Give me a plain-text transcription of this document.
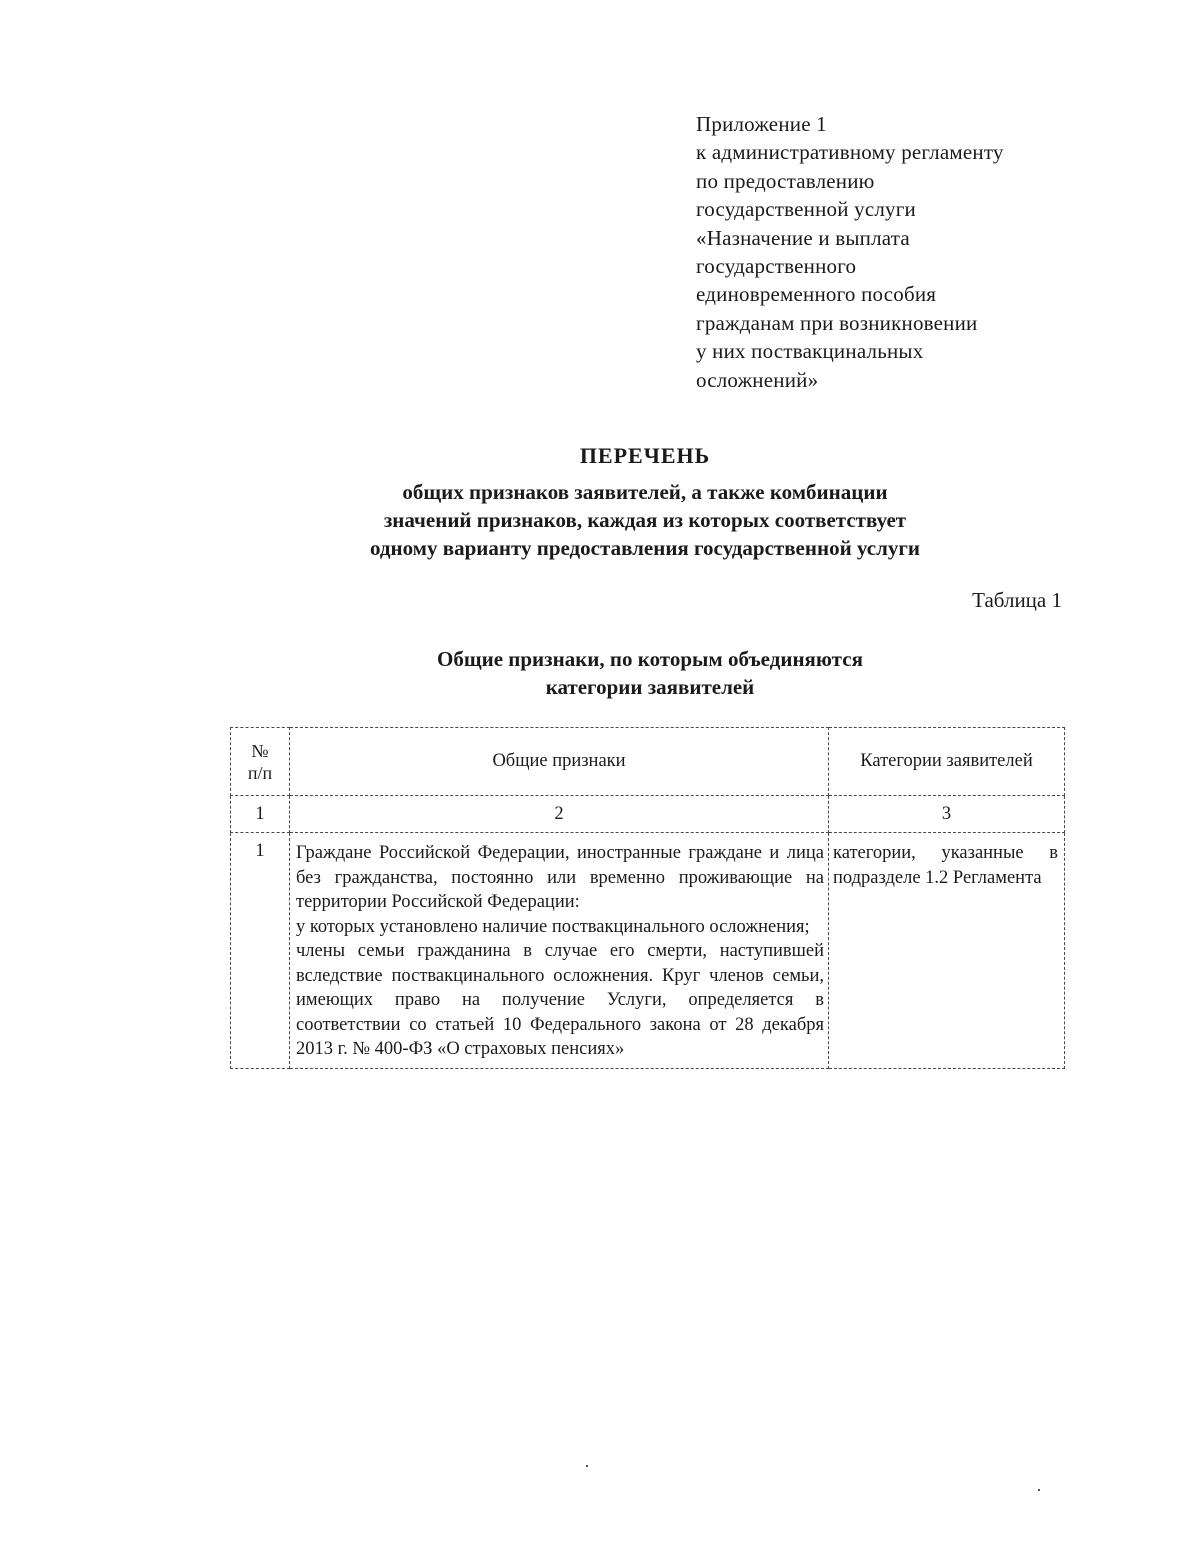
Приложение 1
к административному регламенту
по предоставлению
государственной услуги
«Назначение и выплата
государственного
единовременного пособия
гражданам при возникновении
у них поствакцинальных
осложнений»
ПЕРЕЧЕНЬ
общих признаков заявителей, а также комбинации
значений признаков, каждая из которых соответствует
одному варианту предоставления государственной услуги
Таблица 1
Общие признаки, по которым объединяются
категории заявителей
№
п/п	Общие признаки	Категории заявителей
1	2	3
1	Граждане Российской Федерации, иностранные граждане и лица без гражданства, постоянно или временно проживающие на территории Российской Федерации:
у которых установлено наличие поствакцинального осложнения;
члены семьи гражданина в случае его смерти, наступившей вследствие поствакцинального осложнения. Круг членов семьи, имеющих право на получение Услуги, определяется в соответствии со статьей 10 Федерального закона от 28 декабря 2013 г. № 400-ФЗ «О страховых пенсиях»	категории, указанные в подразделе 1.2 Регламента
